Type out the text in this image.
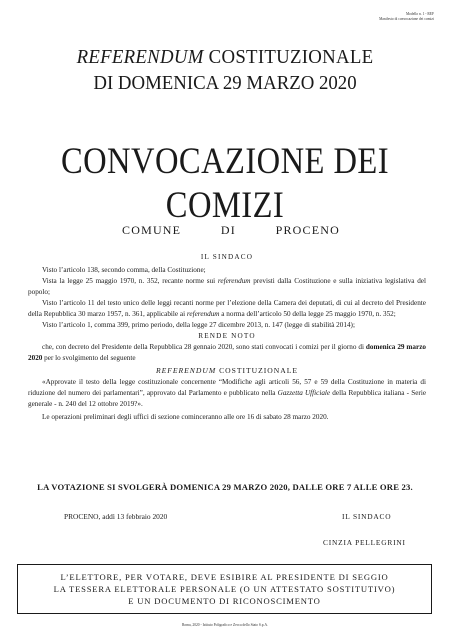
Modello n. 1 - REF
Manifesto di convocazione dei comizi
REFERENDUM COSTITUZIONALE
DI DOMENICA 29 MARZO 2020
CONVOCAZIONE DEI COMIZI
COMUNE	DI	PROCENO
IL SINDACO

Visto l’articolo 138, secondo comma, della Costituzione;

Vista la legge 25 maggio 1970, n. 352, recante norme sui referendum previsti dalla Costituzione e sulla iniziativa legislativa del popolo;

Visto l’articolo 11 del testo unico delle leggi recanti norme per l’elezione della Camera dei deputati, di cui al decreto del Presidente della Repubblica 30 marzo 1957, n. 361, applicabile ai referendum a norma dell’articolo 50 della legge 25 maggio 1970, n. 352;

Visto l’articolo 1, comma 399, primo periodo, della legge 27 dicembre 2013, n. 147 (legge di stabilità 2014);

RENDE NOTO

che, con decreto del Presidente della Repubblica 28 gennaio 2020, sono stati convocati i comizi per il giorno di domenica 29 marzo 2020 per lo svolgimento del seguente

REFERENDUM COSTITUZIONALE

«Approvate il testo della legge costituzionale concernente “Modifiche agli articoli 56, 57 e 59 della Costituzione in materia di riduzione del numero dei parlamentari”, approvato dal Parlamento e pubblicato nella Gazzetta Ufficiale della Repubblica italiana - Serie generale - n. 240 del 12 ottobre 2019?».

Le operazioni preliminari degli uffici di sezione cominceranno alle ore 16 di sabato 28 marzo 2020.

LA VOTAZIONE SI SVOLGERÀ DOMENICA 29 MARZO 2020, DALLE ORE 7 ALLE ORE 23.
PROCENO, addì 13 febbraio 2020	IL SINDACO
CINZIA PELLEGRINI
L’ELETTORE, PER VOTARE, DEVE ESIBIRE AL PRESIDENTE DI SEGGIO
LA TESSERA ELETTORALE PERSONALE (O UN ATTESTATO SOSTITUTIVO)
E UN DOCUMENTO DI RICONOSCIMENTO
Roma, 2020 - Istituto Poligrafico e Zecca dello Stato S.p.A.
